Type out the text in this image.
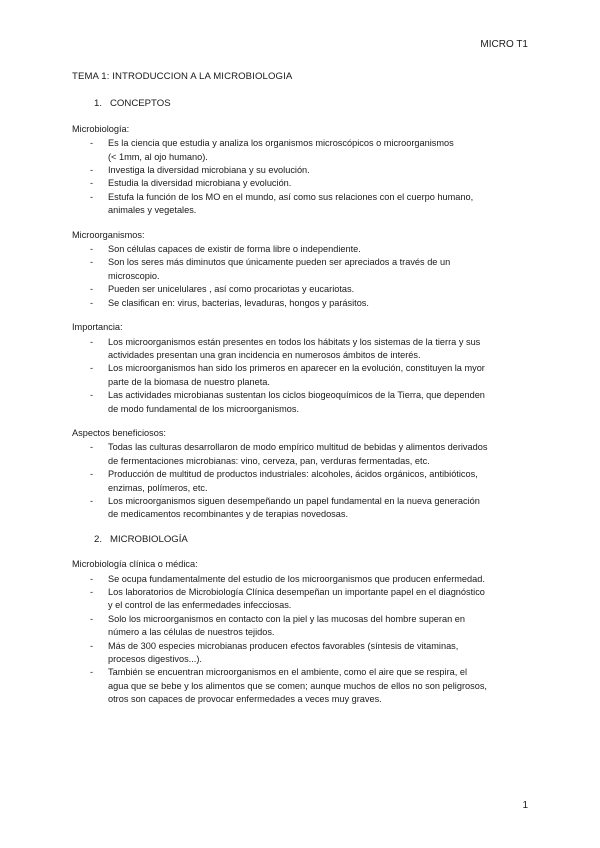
MICRO T1
TEMA 1: INTRODUCCION A LA MICROBIOLOGIA
1. CONCEPTOS
Microbiología:
-	Es la ciencia que estudia y analiza los organismos microscópicos o microorganismos
(< 1mm, al ojo humano).
-	Investiga la diversidad microbiana y su evolución.
-	Estudia la diversidad microbiana y evolución.
-	Estufa la función de los MO en el mundo, así como sus relaciones con el cuerpo humano,
animales y vegetales.
Microorganismos:
-	Son células capaces de existir de forma libre o independiente.
-	Son los seres más diminutos que únicamente pueden ser apreciados a través de un
microscopio.
-	Pueden ser unicelulares , así como procariotas y eucariotas.
-	Se clasifican en: virus, bacterias, levaduras, hongos y parásitos.
Importancia:
-	Los microorganismos están presentes en todos los hábitats y los sistemas de la tierra y sus
actividades presentan una gran incidencia en numerosos ámbitos de interés.
-	Los microorganismos han sido los primeros en aparecer en la evolución, constituyen la myor
parte de la biomasa de nuestro planeta.
-	Las actividades microbianas sustentan los ciclos biogeoquímicos de la Tierra, que dependen
de modo fundamental de los microorganismos.
Aspectos beneficiosos:
-	Todas las culturas desarrollaron de modo empírico multitud de bebidas y alimentos derivados
de fermentaciones microbianas: vino, cerveza, pan, verduras fermentadas, etc.
-	Producción de multitud de productos industriales: alcoholes, ácidos orgánicos, antibióticos,
enzimas, polímeros, etc.
-	Los microorganismos siguen desempeñando un papel fundamental en la nueva generación
de medicamentos recombinantes y de terapias novedosas.
2. MICROBIOLOGÍA
Microbiología clínica o médica:
-	Se ocupa fundamentalmente del estudio de los microorganismos que producen enfermedad.
-	Los laboratorios de Microbiología Clínica desempeñan un importante papel en el diagnóstico
y el control de las enfermedades infecciosas.
-	Solo los microorganismos en contacto con la piel y las mucosas del hombre superan en
número a las células de nuestros tejidos.
-	Más de 300 especies microbianas producen efectos favorables (síntesis de vitaminas,
procesos digestivos...).
-	También se encuentran microorganismos en el ambiente, como el aire que se respira, el
agua que se bebe y los alimentos que se comen; aunque muchos de ellos no son peligrosos,
otros son capaces de provocar enfermedades a veces muy graves.
1
